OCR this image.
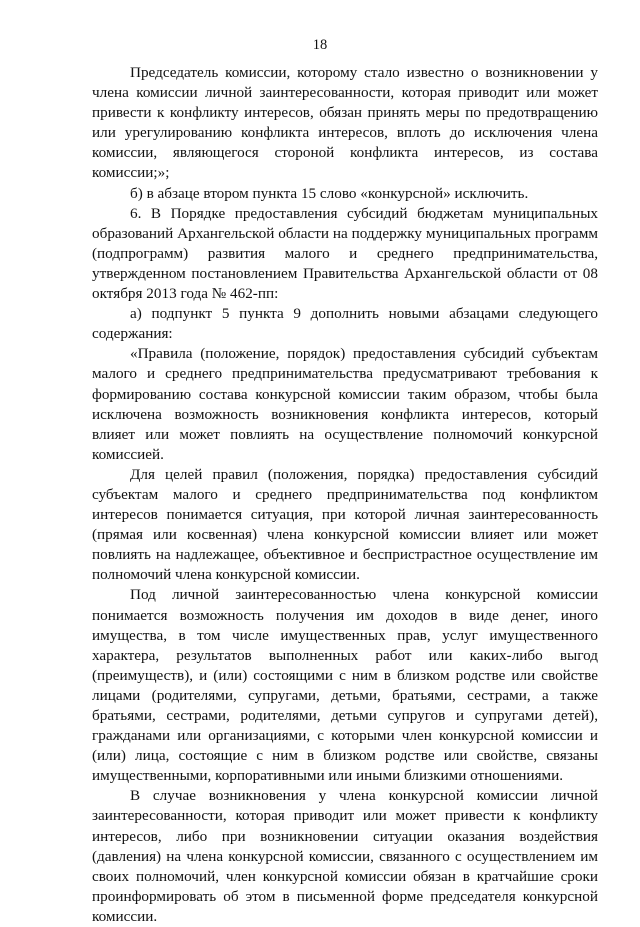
18

Председатель комиссии, которому стало известно о возникновении у члена комиссии личной заинтересованности, которая приводит или может привести к конфликту интересов, обязан принять меры по предотвращению или урегулированию конфликта интересов, вплоть до исключения члена комиссии, являющегося стороной конфликта интересов, из состава комиссии;»;

б) в абзаце втором пункта 15 слово «конкурсной» исключить.

6. В Порядке предоставления субсидий бюджетам муниципальных образований Архангельской области на поддержку муниципальных программ (подпрограмм) развития малого и среднего предпринимательства, утвержденном постановлением Правительства Архангельской области от 08 октября 2013 года № 462-пп:

а) подпункт 5 пункта 9 дополнить новыми абзацами следующего содержания:

«Правила (положение, порядок) предоставления субсидий субъектам малого и среднего предпринимательства предусматривают требования к формированию состава конкурсной комиссии таким образом, чтобы была исключена возможность возникновения конфликта интересов, который влияет или может повлиять на осуществление полномочий конкурсной комиссией.

Для целей правил (положения, порядка) предоставления субсидий субъектам малого и среднего предпринимательства под конфликтом интересов понимается ситуация, при которой личная заинтересованность (прямая или косвенная) члена конкурсной комиссии влияет или может повлиять на надлежащее, объективное и беспристрастное осуществление им полномочий члена конкурсной комиссии.

Под личной заинтересованностью члена конкурсной комиссии понимается возможность получения им доходов в виде денег, иного имущества, в том числе имущественных прав, услуг имущественного характера, результатов выполненных работ или каких-либо выгод (преимуществ), и (или) состоящими с ним в близком родстве или свойстве лицами (родителями, супругами, детьми, братьями, сестрами, а также братьями, сестрами, родителями, детьми супругов и супругами детей), гражданами или организациями, с которыми член конкурсной комиссии и (или) лица, состоящие с ним в близком родстве или свойстве, связаны имущественными, корпоративными или иными близкими отношениями.

В случае возникновения у члена конкурсной комиссии личной заинтересованности, которая приводит или может привести к конфликту интересов, либо при возникновении ситуации оказания воздействия (давления) на члена конкурсной комиссии, связанного с осуществлением им своих полномочий, член конкурсной комиссии обязан в кратчайшие сроки проинформировать об этом в письменной форме председателя конкурсной комиссии.
